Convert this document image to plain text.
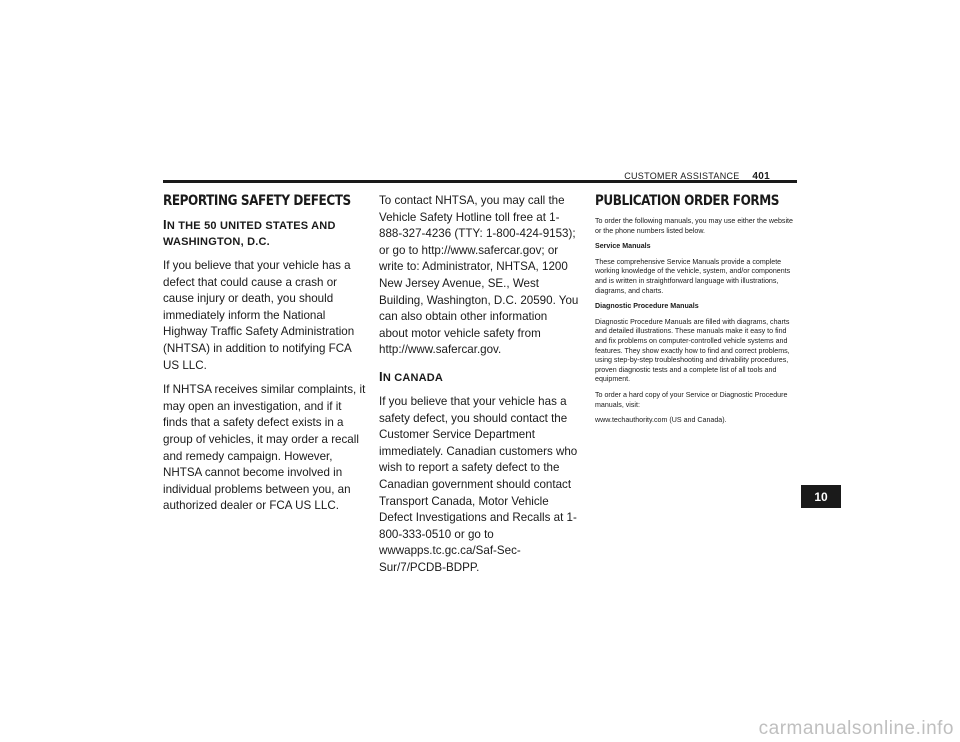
CUSTOMER ASSISTANCE 401
REPORTING SAFETY DEFECTS
IN THE 50 UNITED STATES AND WASHINGTON, D.C.

If you believe that your vehicle has a defect that could cause a crash or cause injury or death, you should immediately inform the National Highway Traffic Safety Administration (NHTSA) in addition to notifying FCA US LLC.

If NHTSA receives similar complaints, it may open an investigation, and if it finds that a safety defect exists in a group of vehicles, it may order a recall and remedy campaign. However, NHTSA cannot become involved in individual problems between you, an authorized dealer or FCA US LLC.

To contact NHTSA, you may call the Vehicle Safety Hotline toll free at 1-888-327-4236 (TTY: 1-800-424-9153); or go to http://www.safercar.gov; or write to: Administrator, NHTSA, 1200 New Jersey Avenue, SE., West Building, Washington, D.C. 20590. You can also obtain other information about motor vehicle safety from http://www.safercar.gov.

IN CANADA

If you believe that your vehicle has a safety defect, you should contact the Customer Service Department immediately. Canadian customers who wish to report a safety defect to the Canadian government should contact Transport Canada, Motor Vehicle Defect Investigations and Recalls at 1-800-333-0510 or go to wwwapps.tc.gc.ca/Saf-Sec-Sur/7/PCDB-BDPP.

PUBLICATION ORDER FORMS

To order the following manuals, you may use either the website or the phone numbers listed below.

Service Manuals

These comprehensive Service Manuals provide a complete working knowledge of the vehicle, system, and/or components and is written in straightforward language with illustrations, diagrams, and charts.

Diagnostic Procedure Manuals

Diagnostic Procedure Manuals are filled with diagrams, charts and detailed illustrations. These manuals make it easy to find and fix problems on computer-controlled vehicle systems and features. They show exactly how to find and correct problems, using step-by-step troubleshooting and drivability procedures, proven diagnostic tests and a complete list of all tools and equipment.

To order a hard copy of your Service or Diagnostic Procedure manuals, visit:

www.techauthority.com (US and Canada).

10
carmanualsonline.info
